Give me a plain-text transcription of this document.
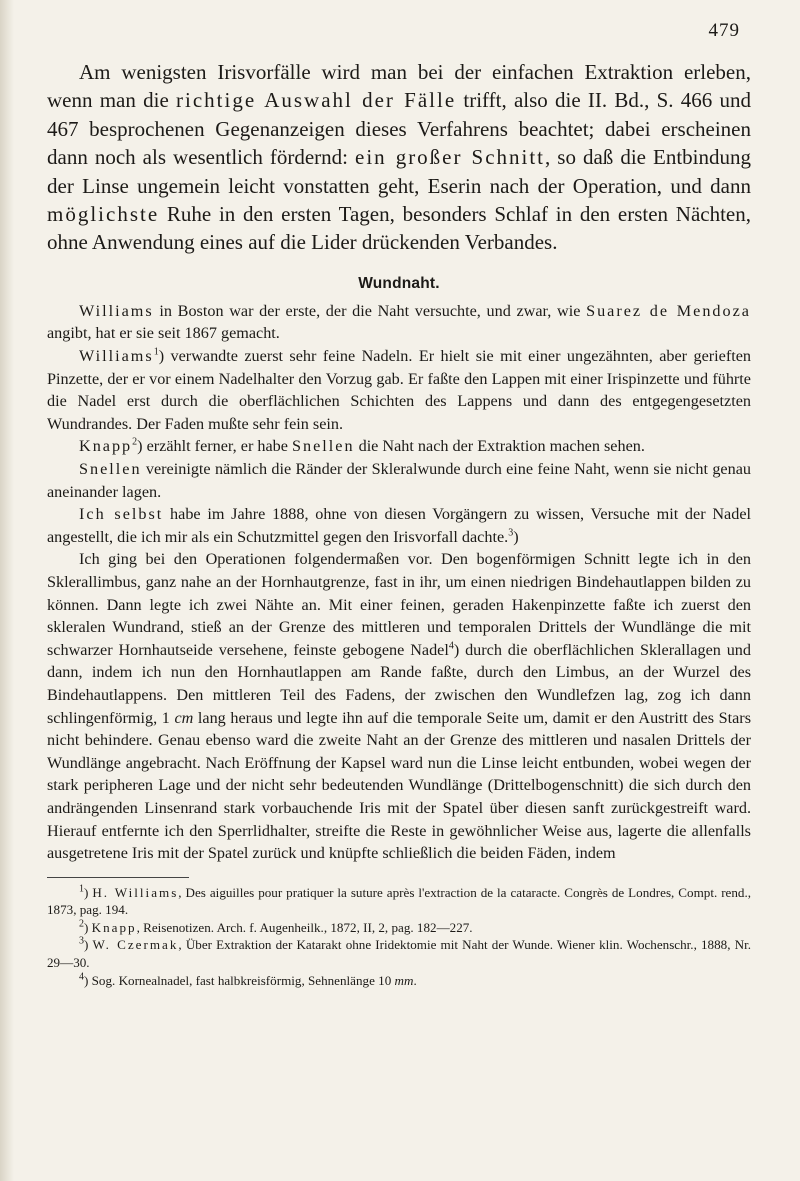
479

Am wenigsten Irisvorfälle wird man bei der einfachen Extraktion erleben, wenn man die richtige Auswahl der Fälle trifft, also die II. Bd., S. 466 und 467 besprochenen Gegenanzeigen dieses Verfahrens beachtet; dabei erscheinen dann noch als wesentlich fördernd: ein großer Schnitt, so daß die Entbindung der Linse ungemein leicht vonstatten geht, Eserin nach der Operation, und dann möglichste Ruhe in den ersten Tagen, besonders Schlaf in den ersten Nächten, ohne Anwendung eines auf die Lider drückenden Verbandes.

Wundnaht.

Williams in Boston war der erste, der die Naht versuchte, und zwar, wie Suarez de Mendoza angibt, hat er sie seit 1867 gemacht.

Williams$^1$) verwandte zuerst sehr feine Nadeln. Er hielt sie mit einer ungezähnten, aber gerieften Pinzette, der er vor einem Nadelhalter den Vorzug gab. Er faßte den Lappen mit einer Irispinzette und führte die Nadel erst durch die oberflächlichen Schichten des Lappens und dann des entgegengesetzten Wundrandes. Der Faden mußte sehr fein sein.

Knapp$^2$) erzählt ferner, er habe Snellen die Naht nach der Extraktion machen sehen.

Snellen vereinigte nämlich die Ränder der Skleralwunde durch eine feine Naht, wenn sie nicht genau aneinander lagen.

Ich selbst habe im Jahre 1888, ohne von diesen Vorgängern zu wissen, Versuche mit der Nadel angestellt, die ich mir als ein Schutzmittel gegen den Irisvorfall dachte.$^3$)

Ich ging bei den Operationen folgendermaßen vor. Den bogenförmigen Schnitt legte ich in den Sklerallimbus, ganz nahe an der Hornhautgrenze, fast in ihr, um einen niedrigen Bindehautlappen bilden zu können. Dann legte ich zwei Nähte an. Mit einer feinen, geraden Hakenpinzette faßte ich zuerst den skleralen Wundrand, stieß an der Grenze des mittleren und temporalen Drittels der Wundlänge die mit schwarzer Hornhautseide versehene, feinste gebogene Nadel$^4$) durch die oberflächlichen Sklerallagen und dann, indem ich nun den Hornhautlappen am Rande faßte, durch den Limbus, an der Wurzel des Bindehautlappens. Den mittleren Teil des Fadens, der zwischen den Wundlefzen lag, zog ich dann schlingenförmig, 1 cm lang heraus und legte ihn auf die temporale Seite um, damit er den Austritt des Stars nicht behindere. Genau ebenso ward die zweite Naht an der Grenze des mittleren und nasalen Drittels der Wundlänge angebracht. Nach Eröffnung der Kapsel ward nun die Linse leicht entbunden, wobei wegen der stark peripheren Lage und der nicht sehr bedeutenden Wundlänge (Drittelbogenschnitt) die sich durch den andrängenden Linsenrand stark vorbauchende Iris mit der Spatel über diesen sanft zurückgestreift ward. Hierauf entfernte ich den Sperrlidhalter, streifte die Reste in gewöhnlicher Weise aus, lagerte die allenfalls ausgetretene Iris mit der Spatel zurück und knüpfte schließlich die beiden Fäden, indem

$^1$) H. Williams, Des aiguilles pour pratiquer la suture après l'extraction de la cataracte. Congrès de Londres, Compt. rend., 1873, pag. 194.

$^2$) Knapp, Reisenotizen. Arch. f. Augenheilk., 1872, II, 2, pag. 182—227.

$^3$) W. Czermak, Über Extraktion der Katarakt ohne Iridektomie mit Naht der Wunde. Wiener klin. Wochenschr., 1888, Nr. 29—30.

$^4$) Sog. Kornealnadel, fast halbkreisförmig, Sehnenlänge 10 mm.
